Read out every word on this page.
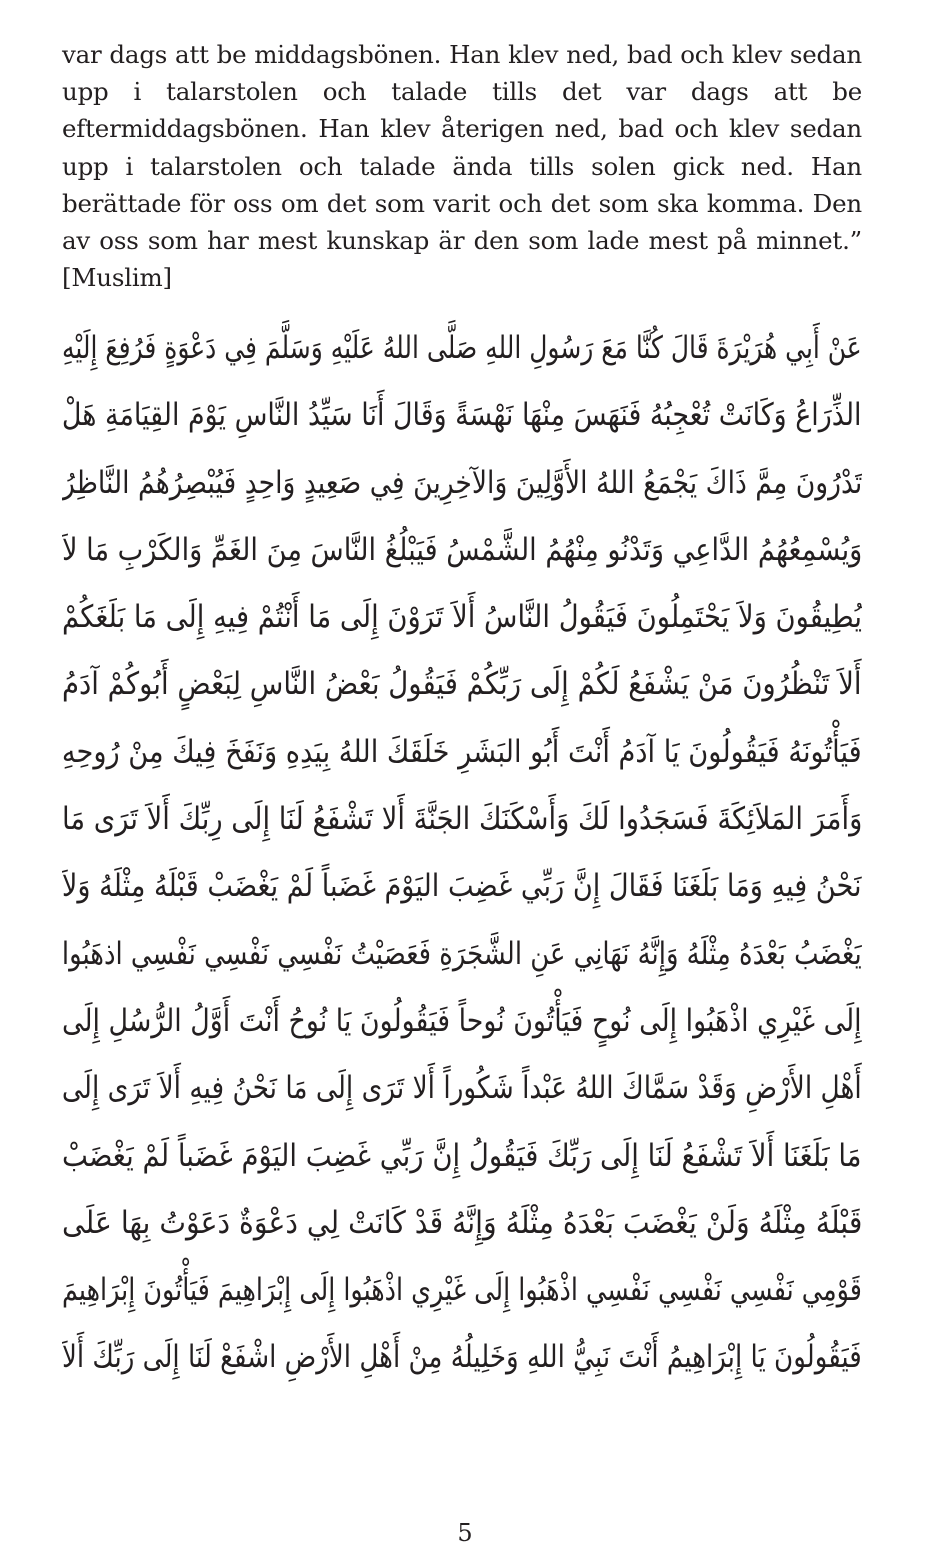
var dags att be middagsbönen. Han klev ned, bad och klev sedan upp i talarstolen och talade tills det var dags att be eftermiddagsbönen. Han klev återigen ned, bad och klev sedan upp i talarstolen och talade ända tills solen gick ned. Han berättade för oss om det som varit och det som ska komma. Den av oss som har mest kunskap är den som lade mest på minnet.” [Muslim]

عَنْ أَبِي هُرَيْرَةَ قَالَ كُنَّا مَعَ رَسُولِ اللهِ صَلَّى اللهُ عَلَيْهِ وَسَلَّمَ فِي دَعْوَةٍ فَرُفِعَ إِلَيْهِ
الذِّرَاعُ وَكَانَتْ تُعْجِبُهُ فَنَهَسَ مِنْهَا نَهْسَةً وَقَالَ أَنَا سَيِّدُ النَّاسِ يَوْمَ القِيَامَةِ هَلْ
تَدْرُونَ مِمَّ ذَاكَ يَجْمَعُ اللهُ الأَوَّلِينَ وَالآخِرِينَ فِي صَعِيدٍ وَاحِدٍ فَيُبْصِرُهُمُ النَّاظِرُ
وَيُسْمِعُهُمُ الدَّاعِي وَتَدْنُو مِنْهُمُ الشَّمْسُ فَيَبْلُغُ النَّاسَ مِنَ الغَمِّ وَالكَرْبِ مَا لاَ
يُطِيقُونَ وَلاَ يَحْتَمِلُونَ فَيَقُولُ النَّاسُ أَلاَ تَرَوْنَ إِلَى مَا أَنْتُمْ فِيهِ إِلَى مَا بَلَغَكُمْ
أَلاَ تَنْظُرُونَ مَنْ يَشْفَعُ لَكُمْ إِلَى رَبِّكُمْ فَيَقُولُ بَعْضُ النَّاسِ لِبَعْضٍ أَبُوكُمْ آدَمُ
فَيَأْتُونَهُ فَيَقُولُونَ يَا آدَمُ أَنْتَ أَبُو البَشَرِ خَلَقَكَ اللهُ بِيَدِهِ وَنَفَخَ فِيكَ مِنْ رُوحِهِ
وَأَمَرَ المَلاَئِكَةَ فَسَجَدُوا لَكَ وَأَسْكَنَكَ الجَنَّةَ أَلا تَشْفَعُ لَنَا إِلَى رِبِّكَ أَلاَ تَرَى مَا
نَحْنُ فِيهِ وَمَا بَلَغَنَا فَقَالَ إِنَّ رَبِّي غَضِبَ اليَوْمَ غَضَباً لَمْ يَغْضَبْ قَبْلَهُ مِثْلَهُ وَلاَ
يَغْضَبُ بَعْدَهُ مِثْلَهُ وَإِنَّهُ نَهَانِي عَنِ الشَّجَرَةِ فَعَصَيْتُ نَفْسِي نَفْسِي نَفْسِي اذهَبُوا
إِلَى غَيْرِي اذْهَبُوا إِلَى نُوحٍ فَيَأْتُونَ نُوحاً فَيَقُولُونَ يَا نُوحُ أَنْتَ أَوَّلُ الرُّسُلِ إِلَى
أَهْلِ الأَرْضِ وَقَدْ سَمَّاكَ اللهُ عَبْداً شَكُوراً أَلا تَرَى إِلَى مَا نَحْنُ فِيهِ أَلاَ تَرَى إِلَى
مَا بَلَغَنَا أَلاَ تَشْفَعُ لَنَا إِلَى رَبِّكَ فَيَقُولُ إِنَّ رَبِّي غَضِبَ اليَوْمَ غَضَباً لَمْ يَغْضَبْ
قَبْلَهُ مِثْلَهُ وَلَنْ يَغْضَبَ بَعْدَهُ مِثْلَهُ وَإِنَّهُ قَدْ كَانَتْ لِي دَعْوَةٌ دَعَوْتُ بِهَا عَلَى
قَوْمِي نَفْسِي نَفْسِي نَفْسِي اذْهَبُوا إِلَى غَيْرِي اذْهَبُوا إِلَى إِبْرَاهِيمَ فَيَأْتُونَ إِبْرَاهِيمَ
فَيَقُولُونَ يَا إِبْرَاهِيمُ أَنْتَ نَبِيُّ اللهِ وَخَلِيلُهُ مِنْ أَهْلِ الأَرْضِ اشْفَعْ لَنَا إِلَى رَبِّكَ أَلاَ
5
